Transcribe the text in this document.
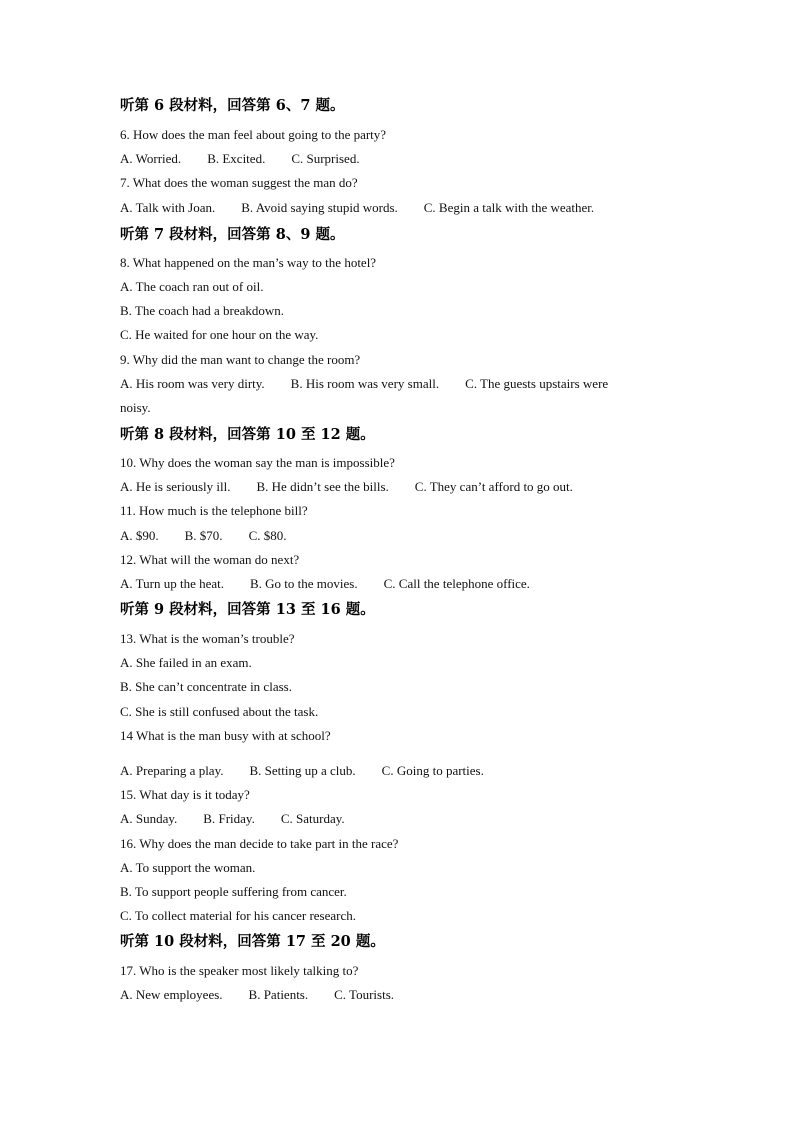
听第 6 段材料，回答第 6、7 题。
6. How does the man feel about going to the party?
A. Worried. B. Excited. C. Surprised.
7. What does the woman suggest the man do?
A. Talk with Joan. B. Avoid saying stupid words. C. Begin a talk with the weather.
听第 7 段材料，回答第 8、9 题。
8. What happened on the man’s way to the hotel?
A. The coach ran out of oil.
B. The coach had a breakdown.
C. He waited for one hour on the way.
9. Why did the man want to change the room?
A. His room was very dirty. B. His room was very small. C. The guests upstairs were
noisy.
听第 8 段材料，回答第 10 至 12 题。
10. Why does the woman say the man is impossible?
A. He is seriously ill. B. He didn’t see the bills. C. They can’t afford to go out.
11. How much is the telephone bill?
A. $90. B. $70. C. $80.
12. What will the woman do next?
A. Turn up the heat. B. Go to the movies. C. Call the telephone office.
听第 9 段材料，回答第 13 至 16 题。
13. What is the woman’s trouble?
A. She failed in an exam.
B. She can’t concentrate in class.
C. She is still confused about the task.
14 What is the man busy with at school?
A. Preparing a play. B. Setting up a club. C. Going to parties.
15. What day is it today?
A. Sunday. B. Friday. C. Saturday.
16. Why does the man decide to take part in the race?
A. To support the woman.
B. To support people suffering from cancer.
C. To collect material for his cancer research.
听第 10 段材料，回答第 17 至 20 题。
17. Who is the speaker most likely talking to?
A. New employees. B. Patients. C. Tourists.
